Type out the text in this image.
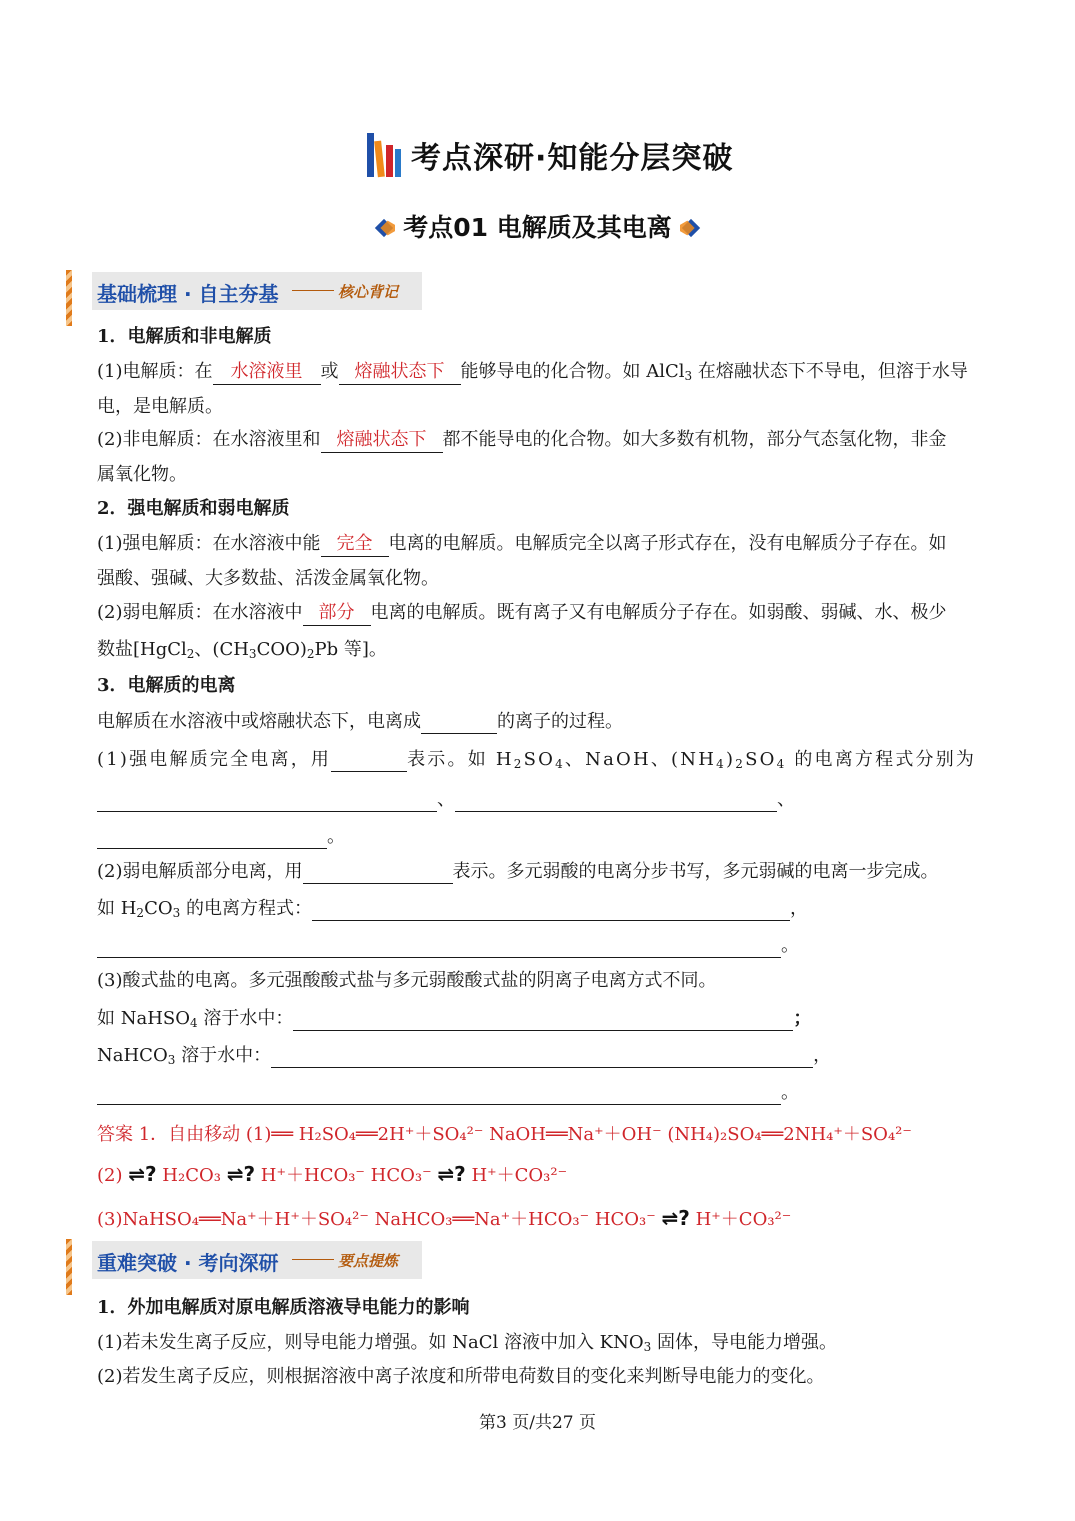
考点深研·知能分层突破
考点01 电解质及其电离
基础梳理 · 自主夯基	核心背记
1．电解质和非电解质
(1)电解质：在 水溶液里 或 熔融状态下 能够导电的化合物。如 AlCl$_3$ 在熔融状态下不导电，但溶于水导
电，是电解质。
(2)非电解质：在水溶液里和 熔融状态下 都不能导电的化合物。如大多数有机物，部分气态氢化物，非金
属氧化物。
2．强电解质和弱电解质
(1)强电解质：在水溶液中能 完全 电离的电解质。电解质完全以离子形式存在，没有电解质分子存在。如
强酸、强碱、大多数盐、活泼金属氧化物。
(2)弱电解质：在水溶液中 部分 电离的电解质。既有离子又有电解质分子存在。如弱酸、弱碱、水、极少
数盐[HgCl$_2$、$(CH_3COO)_2Pb$ 等]。
3．电解质的电离
电解质在水溶液中或熔融状态下，电离成	的离子的过程。
(1)强电解质完全电离，用	表示。如 $H_2SO_4$、NaOH、$(NH_4)_2SO_4$ 的电离方程式分别为
、	、
。
(2)弱电解质部分电离，用	表示。多元弱酸的电离分步书写，多元弱碱的电离一步完成。
如 $H_2CO_3$ 的电离方程式：	，
。
(3)酸式盐的电离。多元强酸酸式盐与多元弱酸酸式盐的阴离子电离方式不同。
如 NaHSO$_4$ 溶于水中：	；
NaHCO$_3$ 溶于水中：	，
。
答案 1．自由移动 (1)══ H₂SO₄══2H⁺＋SO₄²⁻ NaOH══Na⁺＋OH⁻ (NH₄)₂SO₄══2NH₄⁺＋SO₄²⁻
(2) ⇌? H₂CO₃ ⇌? H⁺＋HCO₃⁻ HCO₃⁻ ⇌? H⁺＋CO₃²⁻
(3)NaHSO₄══Na⁺＋H⁺＋SO₄²⁻ NaHCO₃══Na⁺＋HCO₃⁻ HCO₃⁻ ⇌? H⁺＋CO₃²⁻
重难突破 · 考向深研	要点提炼
1．外加电解质对原电解质溶液导电能力的影响
(1)若未发生离子反应，则导电能力增强。如 NaCl 溶液中加入 $KNO_3$ 固体，导电能力增强。
(2)若发生离子反应，则根据溶液中离子浓度和所带电荷数目的变化来判断导电能力的变化。
第3 页/共27 页
